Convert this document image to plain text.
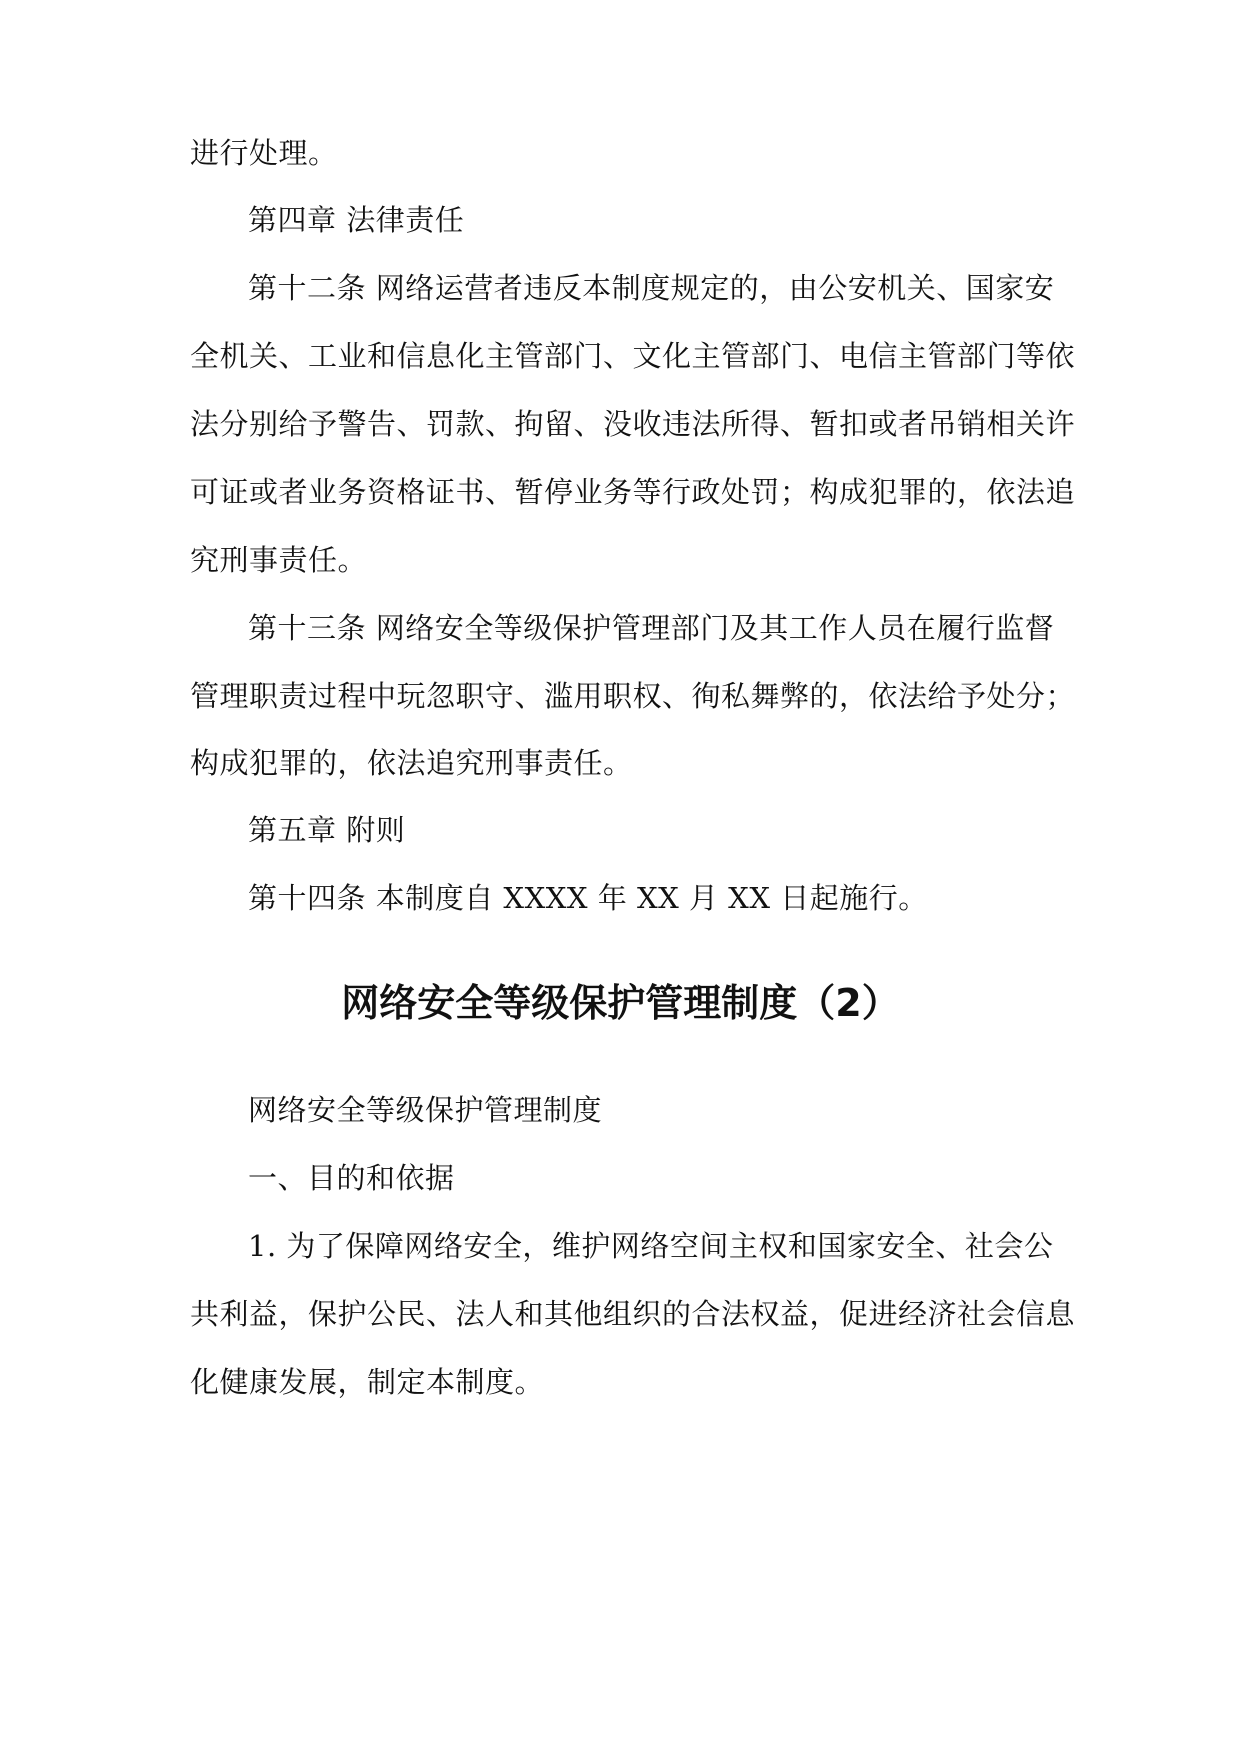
进行处理。
第四章 法律责任
第十二条 网络运营者违反本制度规定的，由公安机关、国家安
全机关、工业和信息化主管部门、文化主管部门、电信主管部门等依
法分别给予警告、罚款、拘留、没收违法所得、暂扣或者吊销相关许
可证或者业务资格证书、暂停业务等行政处罚；构成犯罪的，依法追
究刑事责任。
第十三条 网络安全等级保护管理部门及其工作人员在履行监督
管理职责过程中玩忽职守、滥用职权、徇私舞弊的，依法给予处分；
构成犯罪的，依法追究刑事责任。
第五章 附则
第十四条 本制度自 XXXX 年 XX 月 XX 日起施行。
网络安全等级保护管理制度（2）
网络安全等级保护管理制度
一、目的和依据
1. 为了保障网络安全，维护网络空间主权和国家安全、社会公
共利益，保护公民、法人和其他组织的合法权益，促进经济社会信息
化健康发展，制定本制度。
